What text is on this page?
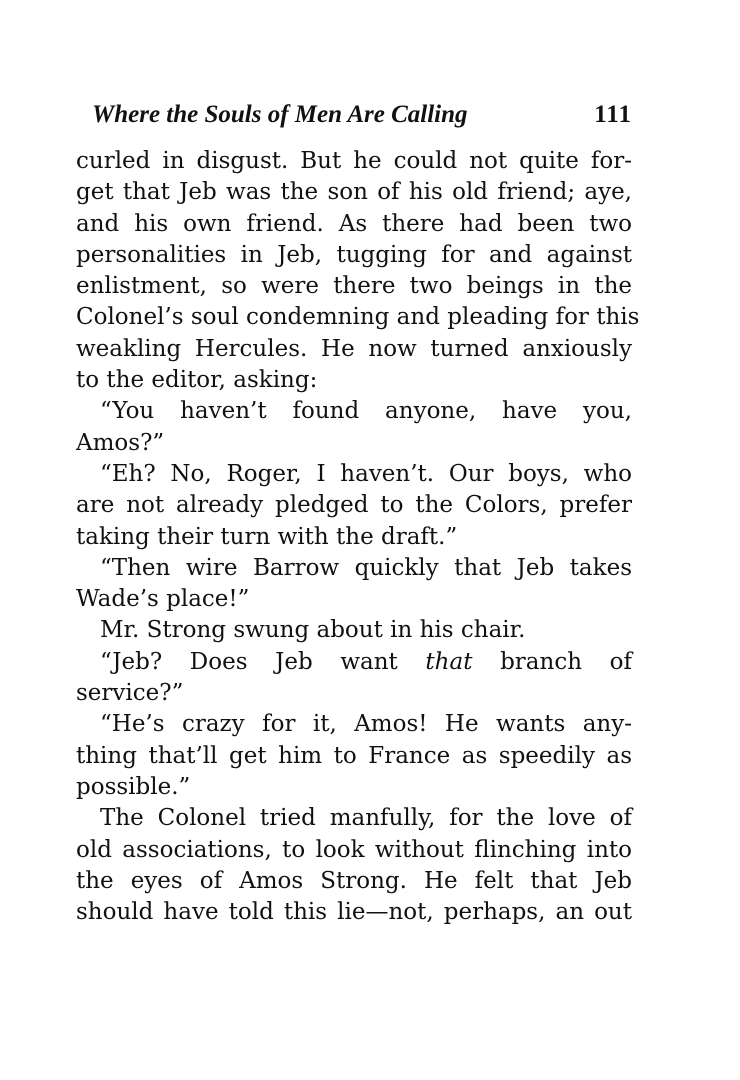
Where the Souls of Men Are Calling	111
curled in disgust. But he could not quite for-
get that Jeb was the son of his old friend; aye,
and his own friend. As there had been two
personalities in Jeb, tugging for and against
enlistment, so were there two beings in the
Colonel’s soul condemning and pleading for this
weakling Hercules. He now turned anxiously
to the editor, asking:
“You haven’t found anyone, have you,
Amos?”
“Eh? No, Roger, I haven’t. Our boys, who
are not already pledged to the Colors, prefer
taking their turn with the draft.”
“Then wire Barrow quickly that Jeb takes
Wade’s place!”
Mr. Strong swung about in his chair.
“Jeb? Does Jeb want that branch of
service?”
“He’s crazy for it, Amos! He wants any-
thing that’ll get him to France as speedily as
possible.”
The Colonel tried manfully, for the love of
old associations, to look without flinching into
the eyes of Amos Strong. He felt that Jeb
should have told this lie—not, perhaps, an out
